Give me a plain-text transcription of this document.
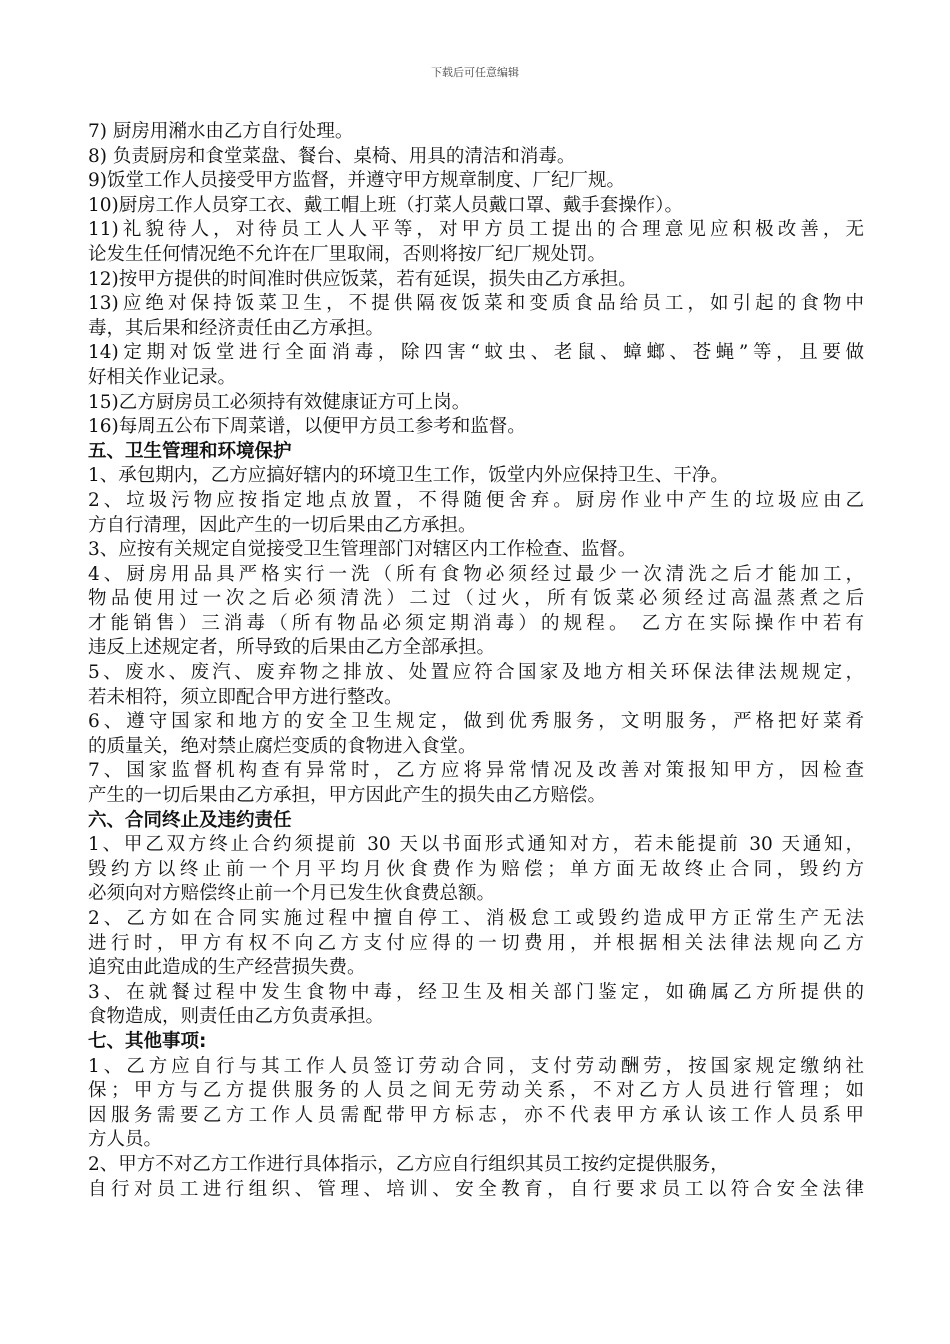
下载后可任意编辑
7) 厨房用潲水由乙方自行处理。
8) 负责厨房和食堂菜盘、餐台、桌椅、用具的清洁和消毒。
9)饭堂工作人员接受甲方监督，并遵守甲方规章制度、厂纪厂规。
10)厨房工作人员穿工衣、戴工帽上班（打菜人员戴口罩、戴手套操作）。
11)礼貌待人，对待员工人人平等，对甲方员工提出的合理意见应积极改善，无
论发生任何情况绝不允许在厂里取闹，否则将按厂纪厂规处罚。
12)按甲方提供的时间准时供应饭菜，若有延误，损失由乙方承担。
13)应绝对保持饭菜卫生，不提供隔夜饭菜和变质食品给员工，如引起的食物中
毒，其后果和经济责任由乙方承担。
14)定期对饭堂进行全面消毒，除四害“蚊虫、老鼠、蟑螂、苍蝇”等，且要做
好相关作业记录。
15)乙方厨房员工必须持有效健康证方可上岗。
16)每周五公布下周菜谱，以便甲方员工参考和监督。
五、卫生管理和环境保护
1、承包期内，乙方应搞好辖内的环境卫生工作，饭堂内外应保持卫生、干净。
2、垃圾污物应按指定地点放置，不得随便舍弃。厨房作业中产生的垃圾应由乙
方自行清理，因此产生的一切后果由乙方承担。
3、应按有关规定自觉接受卫生管理部门对辖区内工作检查、监督。
4、厨房用品具严格实行一洗（所有食物必须经过最少一次清洗之后才能加工，
物品使用过一次之后必须清洗）二过（过火，所有饭菜必须经过高温蒸煮之后
才能销售）三消毒（所有物品必须定期消毒）的规程。 乙方在实际操作中若有
违反上述规定者，所导致的后果由乙方全部承担。
5、废水、废汽、废弃物之排放、处置应符合国家及地方相关环保法律法规规定，
若未相符，须立即配合甲方进行整改。
6、遵守国家和地方的安全卫生规定，做到优秀服务，文明服务，严格把好菜肴
的质量关，绝对禁止腐烂变质的食物进入食堂。
7、国家监督机构查有异常时，乙方应将异常情况及改善对策报知甲方，因检查
产生的一切后果由乙方承担，甲方因此产生的损失由乙方赔偿。
六、合同终止及违约责任
1、甲乙双方终止合约须提前 30 天以书面形式通知对方，若未能提前 30 天通知，
毁约方以终止前一个月平均月伙食费作为赔偿；单方面无故终止合同，毁约方
必须向对方赔偿终止前一个月已发生伙食费总额。
2、乙方如在合同实施过程中擅自停工、消极怠工或毁约造成甲方正常生产无法
进行时，甲方有权不向乙方支付应得的一切费用，并根据相关法律法规向乙方
追究由此造成的生产经营损失费。
3、在就餐过程中发生食物中毒，经卫生及相关部门鉴定，如确属乙方所提供的
食物造成，则责任由乙方负责承担。
七、其他事项:
1、乙方应自行与其工作人员签订劳动合同，支付劳动酬劳，按国家规定缴纳社
保；甲方与乙方提供服务的人员之间无劳动关系，不对乙方人员进行管理；如
因服务需要乙方工作人员需配带甲方标志，亦不代表甲方承认该工作人员系甲
方人员。
2、甲方不对乙方工作进行具体指示，乙方应自行组织其员工按约定提供服务，
自行对员工进行组织、管理、培训、安全教育，自行要求员工以符合安全法律
